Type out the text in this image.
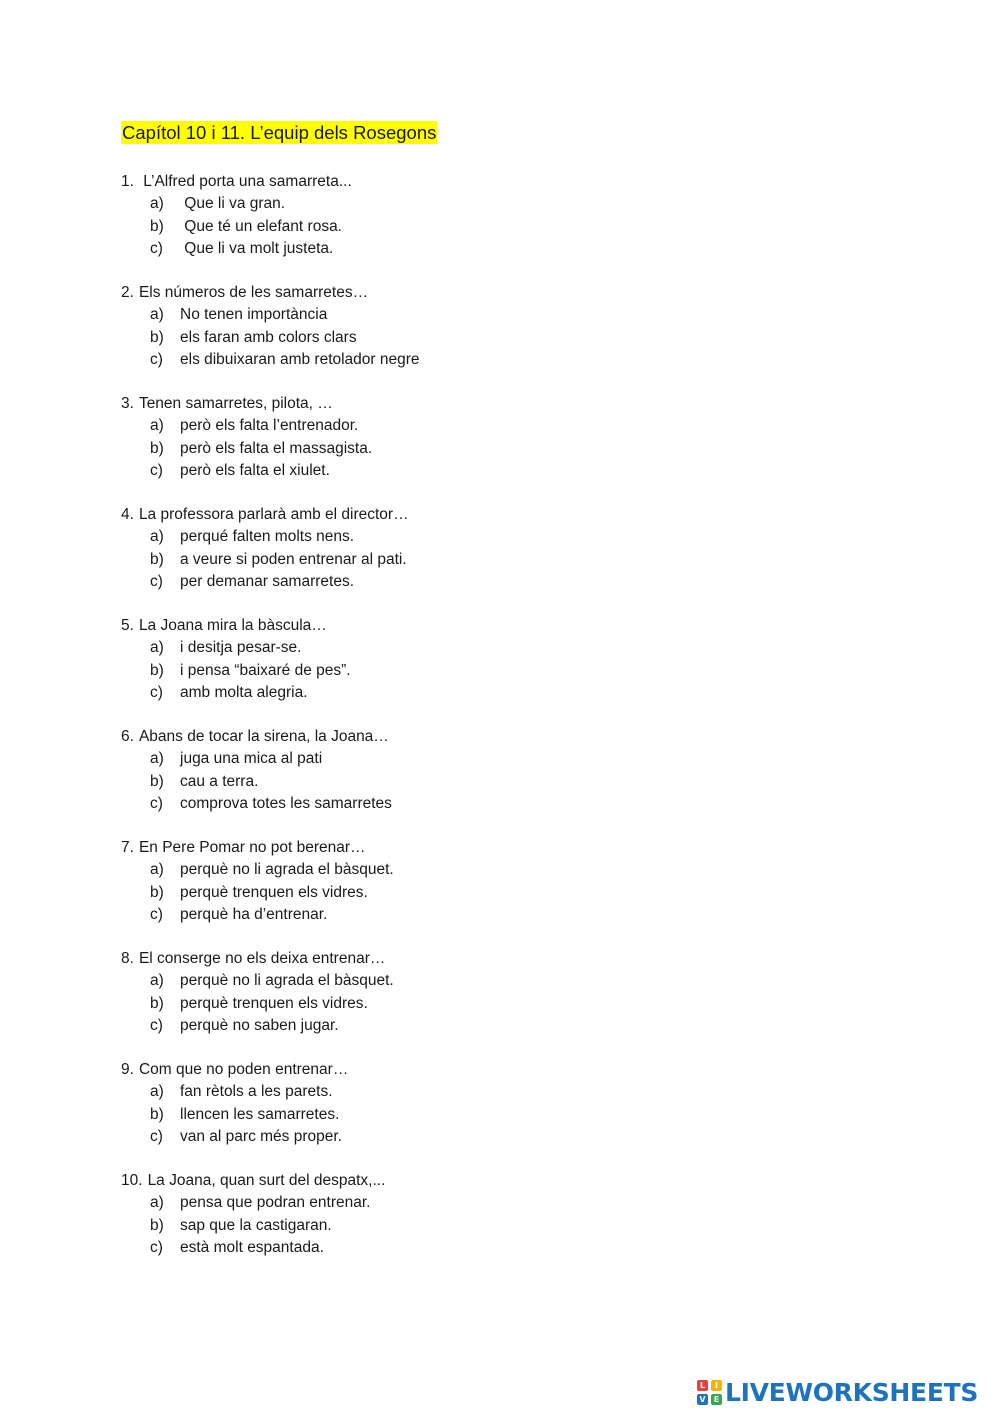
Capítol 10 i 11. L’equip dels Rosegons
1. L’Alfred porta una samarreta...
a) Que li va gran.
b) Que té un elefant rosa.
c) Que li va molt justeta.
2. Els números de les samarretes…
a) No tenen importància
b) els faran amb colors clars
c) els dibuixaran amb retolador negre
3. Tenen samarretes, pilota, …
a) però els falta l’entrenador.
b) però els falta el massagista.
c) però els falta el xiulet.
4. La professora parlarà amb el director…
a) perqué falten molts nens.
b) a veure si poden entrenar al pati.
c) per demanar samarretes.
5. La Joana mira la bàscula…
a) i desitja pesar-se.
b) i pensa “baixaré de pes”.
c) amb molta alegria.
6. Abans de tocar la sirena, la Joana…
a) juga una mica al pati
b) cau a terra.
c) comprova totes les samarretes
7. En Pere Pomar no pot berenar…
a) perquè no li agrada el bàsquet.
b) perquè trenquen els vidres.
c) perquè ha d’entrenar.
8. El conserge no els deixa entrenar…
a) perquè no li agrada el bàsquet.
b) perquè trenquen els vidres.
c) perquè no saben jugar.
9. Com que no poden entrenar…
a) fan rètols a les parets.
b) llencen les samarretes.
c) van al parc més proper.
10. La Joana, quan surt del despatx,...
a) pensa que podran entrenar.
b) sap que la castigaran.
c) està molt espantada.
L	I
V	E LIVEWORKSHEETS
